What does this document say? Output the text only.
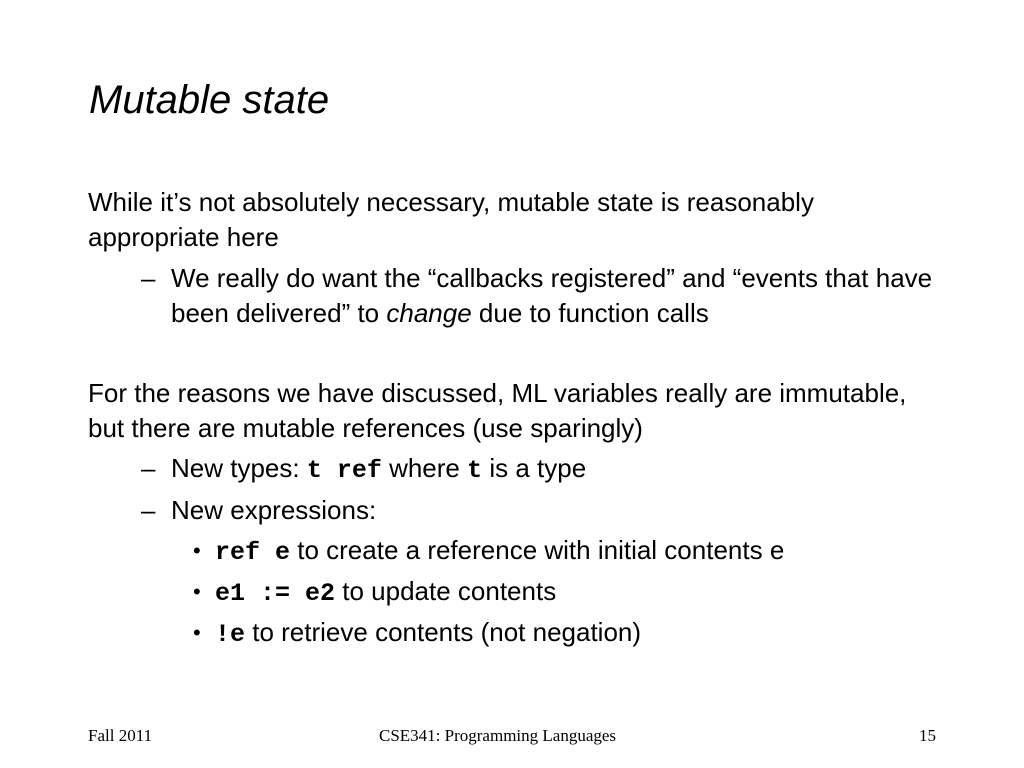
Mutable state

While it’s not absolutely necessary, mutable state is reasonably appropriate here

– We really do want the “callbacks registered” and “events that have been delivered” to change due to function calls

For the reasons we have discussed, ML variables really are immutable, but there are mutable references (use sparingly)

– New types: t ref where t is a type
– New expressions:
• ref e to create a reference with initial contents e
• e1 := e2 to update contents
• !e to retrieve contents (not negation)
Fall 2011	CSE341: Programming Languages	15
